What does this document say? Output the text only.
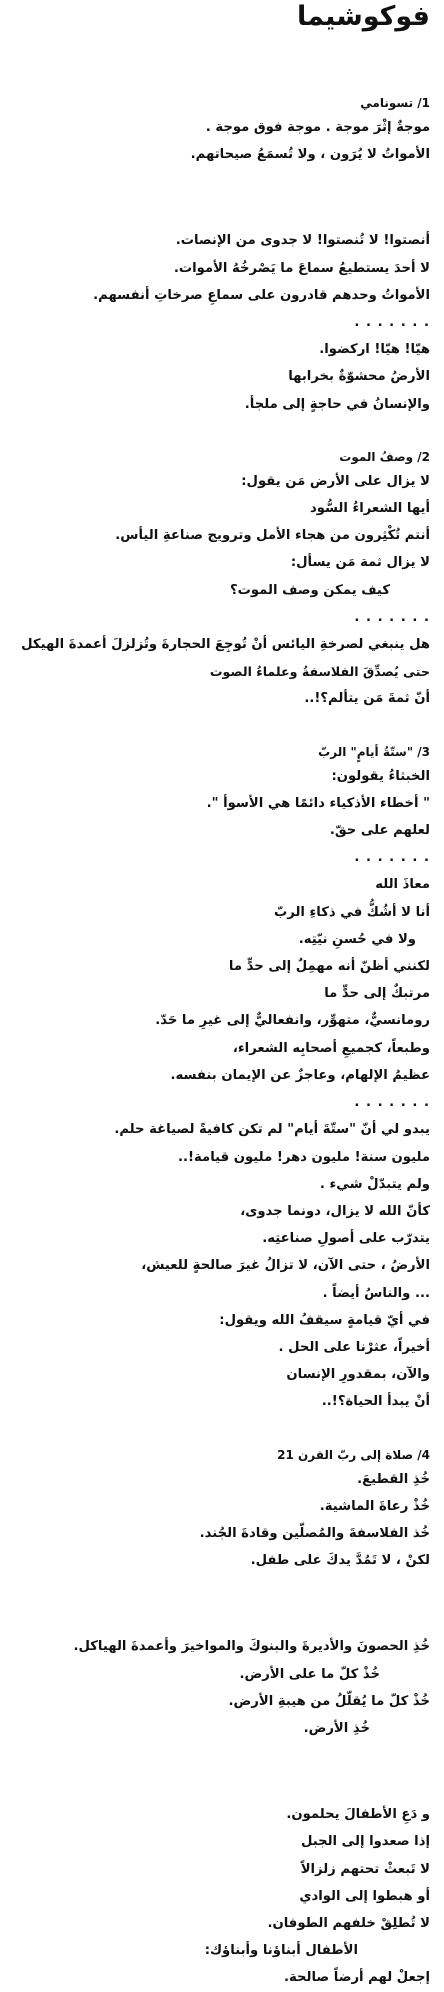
فوكوشيما
1/ تسونامي

موجةٌ إثْرَ موجة . موجة فوق موجة .

الأمواتُ لا يُرَون ، ولا تُسمَعُ صيحاتهم.

أنصتوا! لا تُنصتوا! لا جدوى من الإنصات.

لا أحدَ يستطيعُ سماعَ ما يَصْرخُهُ الأموات.

الأمواتُ وحدهم قادرون على سماعِ صرخاتِ أنفسهم.

. . . . . . .

هيّا! هيّا! اركضوا.

الأرضُ محشوّةٌ بخرابها

والإنسانُ في حاجةٍ إلى ملجأ.

2/ وصفُ الموت

لا يزال على الأرض مَن يقول:

أيها الشعراءُ السُّود

أنتم تُكْثِرون من هجاء الأمل وترويج صناعةِ اليأس.

لا يزال ثمة مَن يسأل:

كيف يمكن وصف الموت؟

. . . . . . .

هل ينبغي لصرخةِ اليائس أنْ تُوجِعَ الحجارةَ وتُزلزلَ أعمدةَ الهيكل

حتى يُصدِّقَ الفلاسفةُ وعلماءُ الصوت

أنّ ثمةَ مَن يتألم؟!..

3/ "ستّةُ أيامٍ" الربّ

الخبثاءُ يقولون:

" أخطاء الأذكياء دائمًا هي الأسوأ ".

لعلهم على حقّ.

. . . . . . .

معاذَ الله

أنا لا أشُكُّ في ذكاءِ الربّ

ولا في حُسنِ نيّتِه.

لكنني أظنّ أنه مهمِلٌ إلى حدٍّ ما

مرتبكٌ إلى حدٍّ ما

رومانسيٌّ، متهوِّر، وانفعاليٌّ إلى غيرِ ما حَدّ.

وطبعاً، كجميعِ أصحابِه الشعراء،

عظيمُ الإلهام، وعاجزٌ عن الإيمان بنفسه.

. . . . . . .

يبدو لي أنّ "ستّةَ أيام" لم تكن كافيةً لصياغة حلم.

مليون سنة! مليون دهر! مليون قيامة!..

ولم يتبدّلْ شيء .

كأنّ الله لا يزال، دونما جدوى،

يتدرّب على أصولِ صناعتِه.

الأرضُ ، حتى الآن، لا تزالُ غيرَ صالحةٍ للعيش،

... والناسُ أيضاً .

في أيّ قيامةٍ سيقفُ الله ويقول:

أخيراً، عثرْنا على الحل .

والآن، بمقدورِ الإنسان

أنْ يبدأ الحياة؟!..

4/ صلاة إلى ربّ القرن 21

خُذِ القطيعَ.

خُذْ رعاةَ الماشية.

خُذ الفلاسفةَ والمُصلّين وقادةَ الجُند.

لكنْ ، لا تَمُدَّ يدكَ على طفل.

خُذِ الحصونَ والأديرةَ والبنوكَ والمواخيرَ وأعمدةَ الهياكل.

خُذْ كلّ ما على الأرض.

خُذْ كلّ ما يُقلّلُ من هيبةِ الأرض.

خُذِ الأرض.

و دَعِ الأطفالَ يحلمون.

إذا صعدوا إلى الجبل

لا تَبعثْ تحتهم زلزالاً

أو هبطوا إلى الوادي

لا تُطلِقْ خلفهم الطوفان.

الأطفال أبناؤنا وأبناؤك:

إجعلْ لهم أرضاً صالحة.
